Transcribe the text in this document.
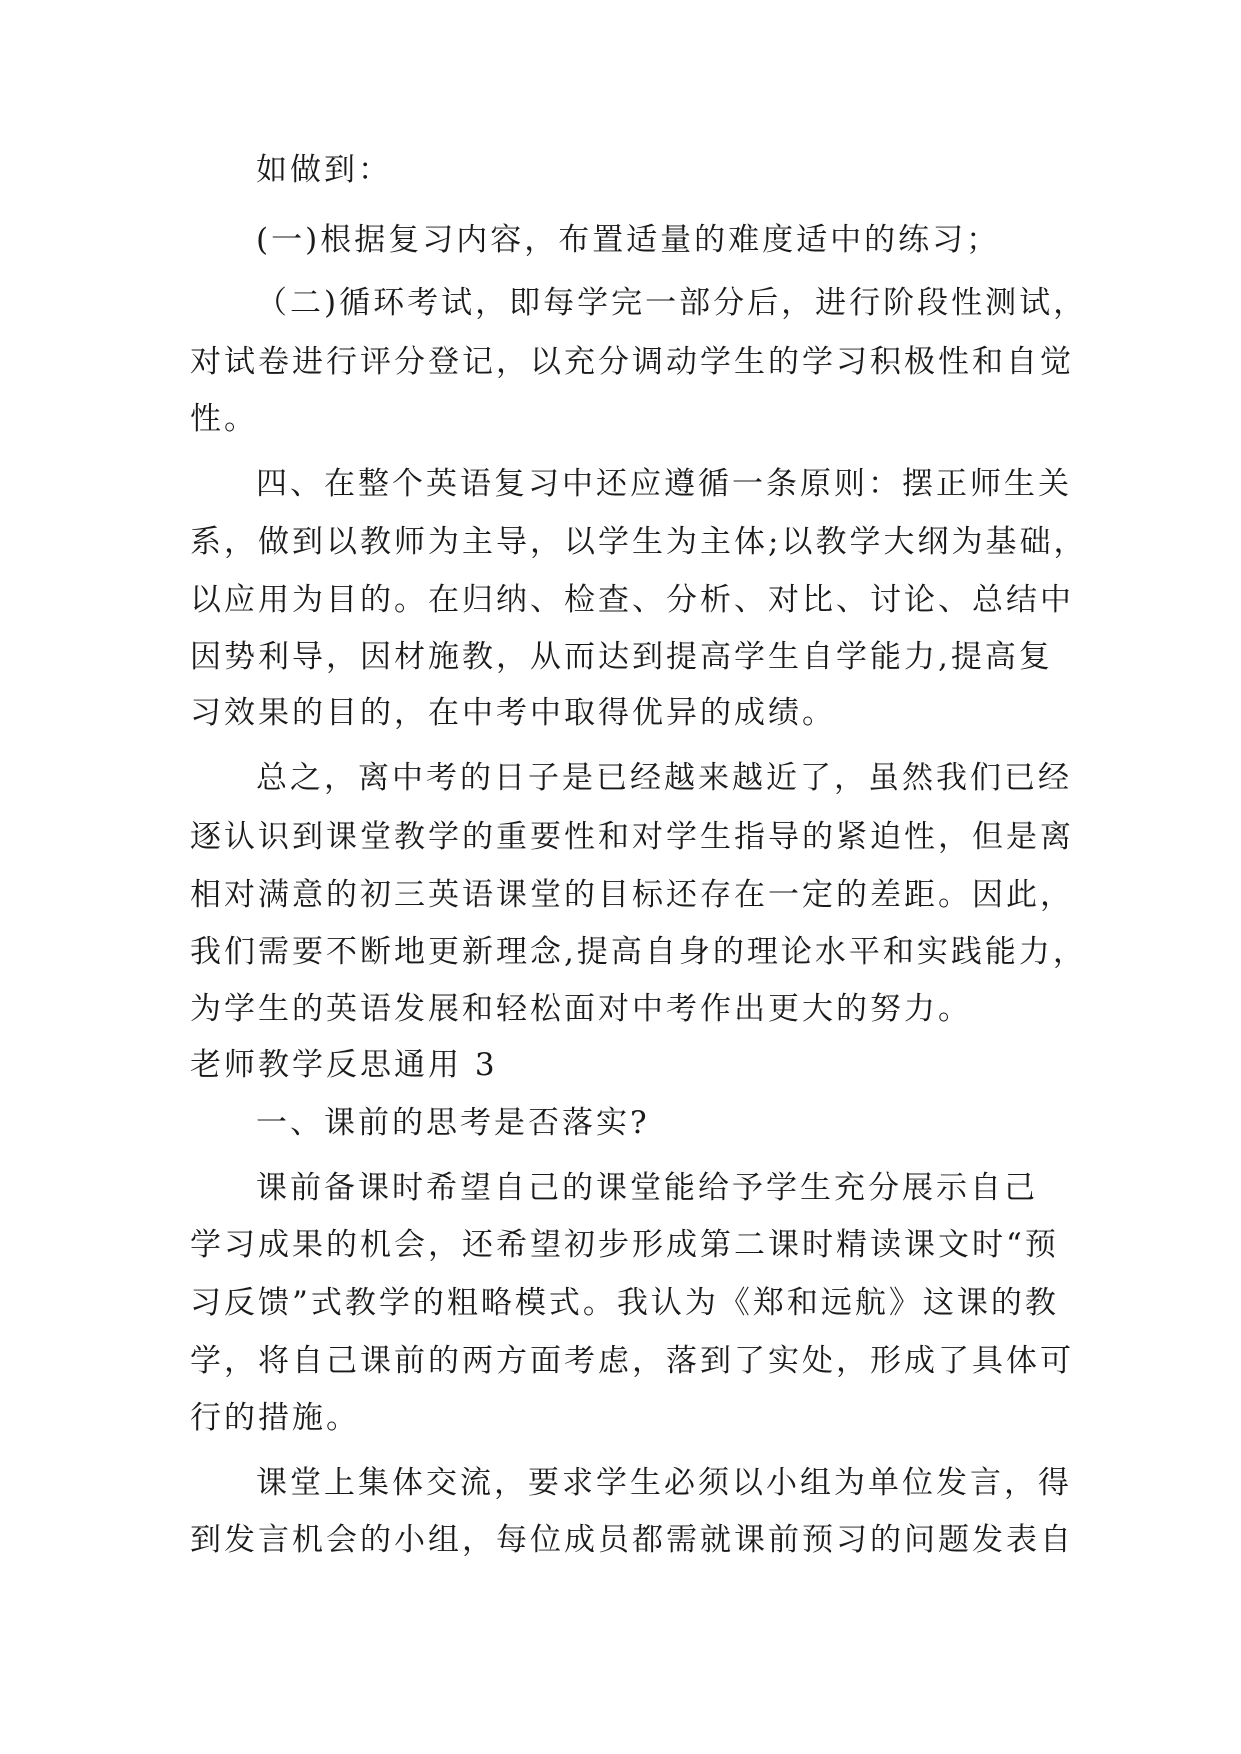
如做到：
(一)根据复习内容，布置适量的难度适中的练习；
（二)循环考试，即每学完一部分后，进行阶段性测试，
对试卷进行评分登记，以充分调动学生的学习积极性和自觉
性。
四、在整个英语复习中还应遵循一条原则：摆正师生关
系，做到以教师为主导，以学生为主体;以教学大纲为基础，
以应用为目的。在归纳、检查、分析、对比、讨论、总结中
因势利导，因材施教，从而达到提高学生自学能力,提高复
习效果的目的，在中考中取得优异的成绩。
总之，离中考的日子是已经越来越近了，虽然我们已经
逐认识到课堂教学的重要性和对学生指导的紧迫性，但是离
相对满意的初三英语课堂的目标还存在一定的差距。因此，
我们需要不断地更新理念,提高自身的理论水平和实践能力，
为学生的英语发展和轻松面对中考作出更大的努力。
老师教学反思通用 3
一、课前的思考是否落实?
课前备课时希望自己的课堂能给予学生充分展示自己
学习成果的机会，还希望初步形成第二课时精读课文时“预
习反馈”式教学的粗略模式。我认为《郑和远航》这课的教
学，将自己课前的两方面考虑，落到了实处，形成了具体可
行的措施。
课堂上集体交流，要求学生必须以小组为单位发言，得
到发言机会的小组，每位成员都需就课前预习的问题发表自
